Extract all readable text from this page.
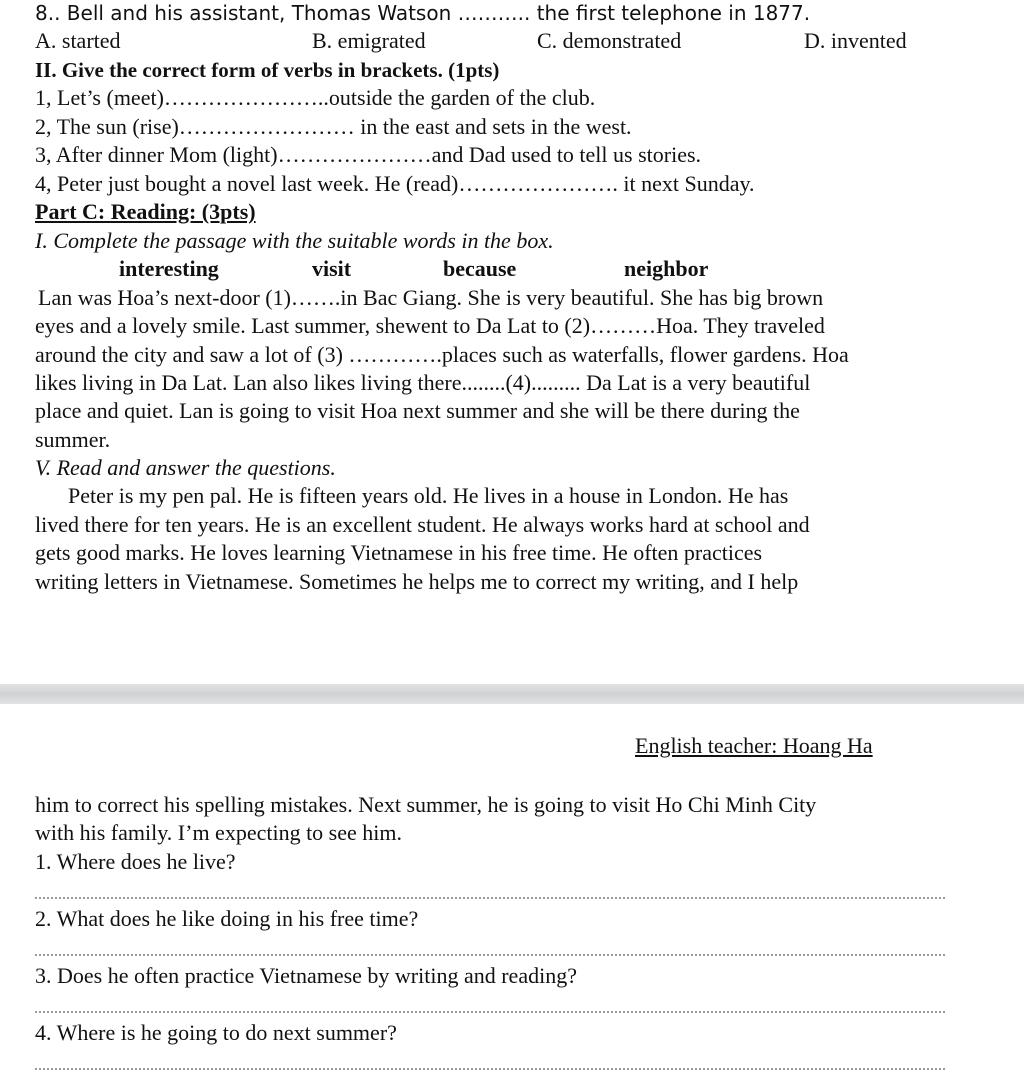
8.. Bell and his assistant, Thomas Watson ……….. the first telephone in 1877.
A. started	B. emigrated	C. demonstrated	D. invented
II. Give the correct form of verbs in brackets. (1pts)
1, Let’s (meet)…………………..outside the garden of the club.
2, The sun (rise)…………………… in the east and sets in the west.
3, After dinner Mom (light)…………………and Dad used to tell us stories.
4, Peter just bought a novel last week. He (read)…………………. it next Sunday.
Part C: Reading: (3pts)
I. Complete the passage with the suitable words in the box.
interesting	visit	because	neighbor
Lan was Hoa’s next-door (1)…….in Bac Giang. She is very beautiful. She has big brown
eyes and a lovely smile. Last summer, shewent to Da Lat to (2)………Hoa. They traveled
around the city and saw a lot of (3) ………….places such as waterfalls, flower gardens. Hoa
likes living in Da Lat. Lan also likes living there........(4)......... Da Lat is a very beautiful
place and quiet. Lan is going to visit Hoa next summer and she will be there during the
summer.
V. Read and answer the questions.
Peter is my pen pal. He is fifteen years old. He lives in a house in London. He has
lived there for ten years. He is an excellent student. He always works hard at school and
gets good marks. He loves learning Vietnamese in his free time. He often practices
writing letters in Vietnamese. Sometimes he helps me to correct my writing, and I help
English teacher: Hoang Ha
him to correct his spelling mistakes. Next summer, he is going to visit Ho Chi Minh City
with his family. I’m expecting to see him.
1. Where does he live?
2. What does he like doing in his free time?
3. Does he often practice Vietnamese by writing and reading?
4. Where is he going to do next summer?
